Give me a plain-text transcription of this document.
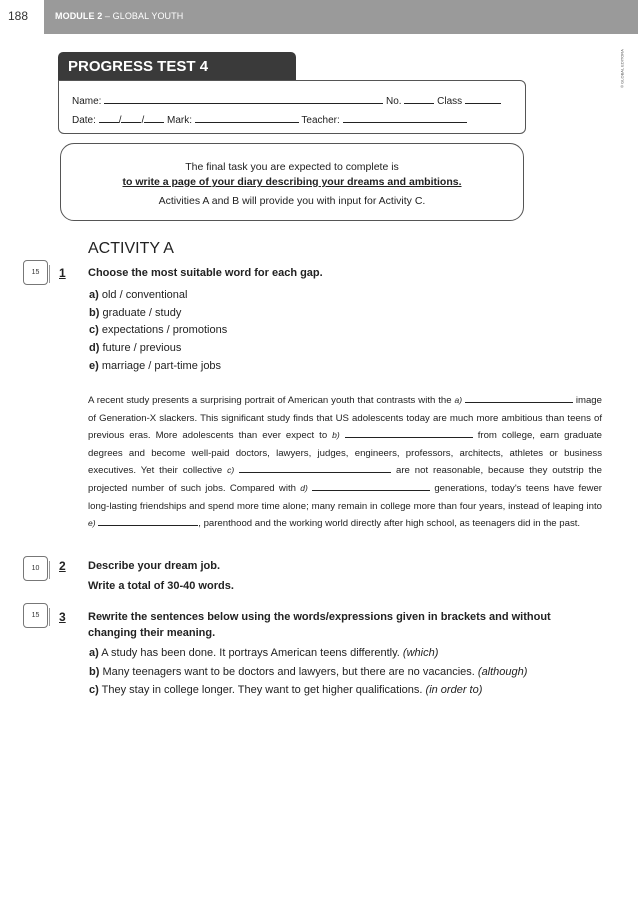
188	MODULE 2 – GLOBAL YOUTH
© GLOBAL EDITORA
PROGRESS TEST 4
Name:	No.	Class
Date: / / Mark:	Teacher:
The final task you are expected to complete is
to write a page of your diary describing your dreams and ambitions.
Activities A and B will provide you with input for Activity C.
ACTIVITY A
15	1 Choose the most suitable word for each gap.
a) old / conventional
b) graduate / study
c) expectations / promotions
d) future / previous
e) marriage / part-time jobs
A recent study presents a surprising portrait of American youth that contrasts with the a)	image of Generation-X slackers. This significant study finds that US adolescents today are much more ambitious than teens of previous eras. More adolescents than ever expect to b)	from college, earn graduate degrees and become well-paid doctors, lawyers, judges, engineers, professors, architects, athletes or business executives. Yet their collective c)	are not reasonable, because they outstrip the projected number of such jobs. Compared with d)	generations, today's teens have fewer long-lasting friendships and spend more time alone; many remain in college more than four years, instead of leaping into e)	, parenthood and the working world directly after high school, as teenagers did in the past.
10	2 Describe your dream job.
Write a total of 30-40 words.
15	3 Rewrite the sentences below using the words/expressions given in brackets and without changing their meaning.
a) A study has been done. It portrays American teens differently. (which)
b) Many teenagers want to be doctors and lawyers, but there are no vacancies. (although)
c) They stay in college longer. They want to get higher qualifications. (in order to)
